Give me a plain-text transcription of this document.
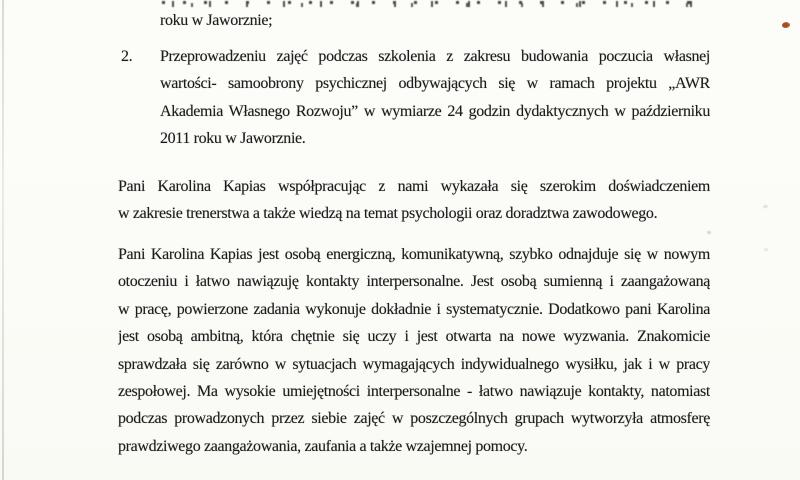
roku w Jaworznie;
2.	Przeprowadzeniu zajęć podczas szkolenia z zakresu budowania poczucia własnej
wartości- samoobrony psychicznej odbywających się w ramach projektu „AWR
Akademia Własnego Rozwoju” w wymiarze 24 godzin dydaktycznych w październiku
2011 roku w Jaworznie.
Pani Karolina Kapias współpracując z nami wykazała się szerokim doświadczeniem
w zakresie trenerstwa a także wiedzą na temat psychologii oraz doradztwa zawodowego.
Pani Karolina Kapias jest osobą energiczną, komunikatywną, szybko odnajduje się w nowym
otoczeniu i łatwo nawiązuję kontakty interpersonalne. Jest osobą sumienną i zaangażowaną
w pracę, powierzone zadania wykonuje dokładnie i systematycznie. Dodatkowo pani Karolina
jest osobą ambitną, która chętnie się uczy i jest otwarta na nowe wyzwania. Znakomicie
sprawdzała się zarówno w sytuacjach wymagających indywidualnego wysiłku, jak i w pracy
zespołowej. Ma wysokie umiejętności interpersonalne - łatwo nawiązuje kontakty, natomiast
podczas prowadzonych przez siebie zajęć w poszczególnych grupach wytworzyła atmosferę
prawdziwego zaangażowania, zaufania a także wzajemnej pomocy.
